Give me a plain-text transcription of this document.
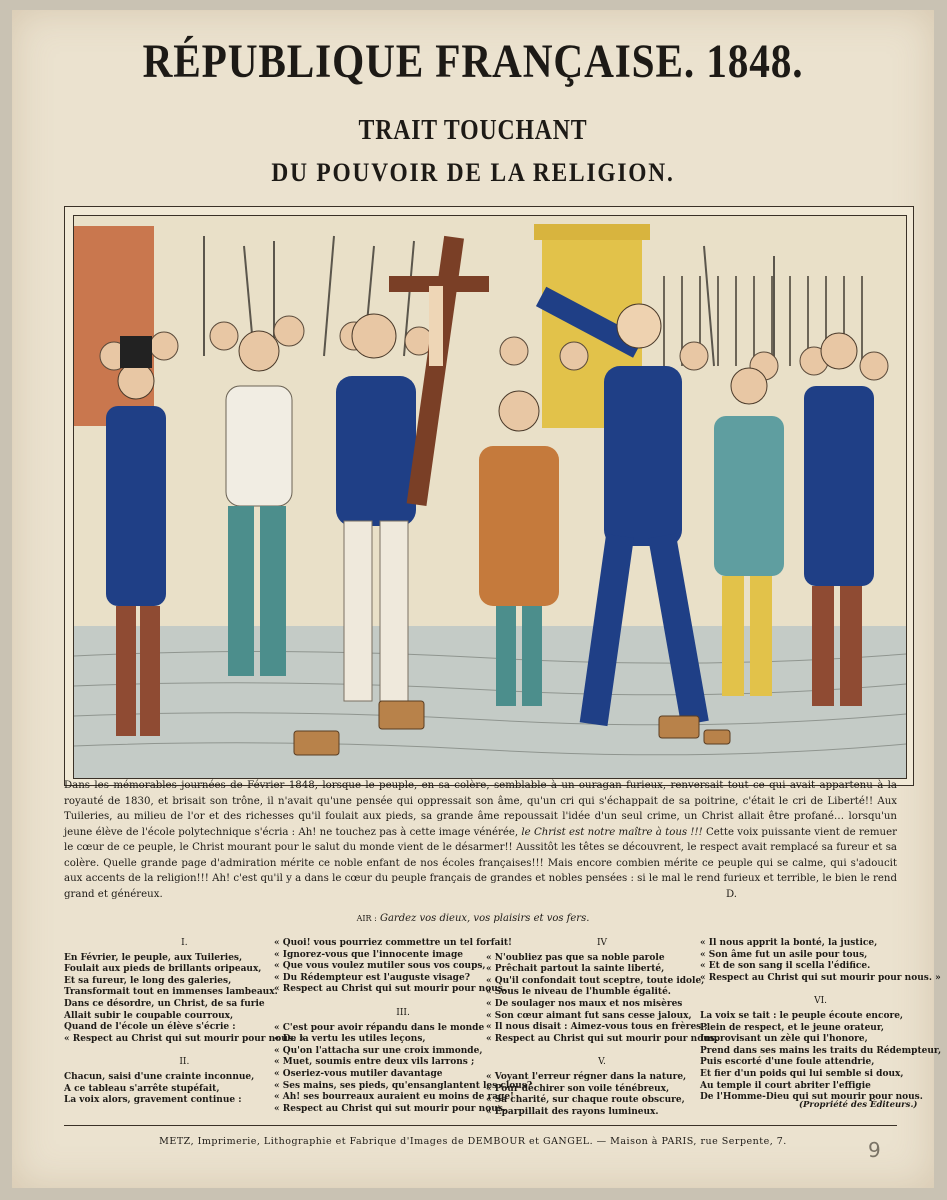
RÉPUBLIQUE FRANÇAISE. 1848.
TRAIT TOUCHANT
DU POUVOIR DE LA RELIGION.

Dans les mémorables journées de Février 1848, lorsque le peuple, en sa colère, semblable à un ouragan furieux, renversait tout ce qui avait appartenu à la royauté de 1830, et brisait son trône, il n'avait qu'une pensée qui oppressait son âme, qu'un cri qui s'échappait de sa poitrine, c'était le cri de Liberté!! Aux Tuileries, au milieu de l'or et des richesses qu'il foulait aux pieds, sa grande âme repoussait l'idée d'un seul crime, un Christ allait être profané… lorsqu'un jeune élève de l'école polytechnique s'écria : Ah! ne touchez pas à cette image vénérée, le Christ est notre maître à tous !!! Cette voix puissante vient de remuer le cœur de ce peuple, le Christ mourant pour le salut du monde vient de le désarmer!! Aussitôt les têtes se découvrent, le respect avait remplacé sa fureur et sa colère. Quelle grande page d'admiration mérite ce noble enfant de nos écoles françaises!!! Mais encore combien mérite ce peuple qui se calme, qui s'adoucit aux accents de la religion!!! Ah! c'est qu'il y a dans le cœur du peuple français de grandes et nobles pensées : si le mal le rend furieux et terrible, le bien le rend grand et généreux.	D.

AIR : Gardez vos dieux, vos plaisirs et vos fers.

I.

En Février, le peuple, aux Tuileries,

Foulait aux pieds de brillants oripeaux,

Et sa fureur, le long des galeries,

Transformait tout en immenses lambeaux.

Dans ce désordre, un Christ, de sa furie

Allait subir le coupable courroux,

Quand de l'école un élève s'écrie :

« Respect au Christ qui sut mourir pour nous. »

II.

Chacun, saisi d'une crainte inconnue,

A ce tableau s'arrête stupéfait,

La voix alors, gravement continue :

« Quoi! vous pourriez commettre un tel forfait!

« Ignorez-vous que l'innocente image

« Que vous voulez mutiler sous vos coups,

« Du Rédempteur est l'auguste visage?

« Respect au Christ qui sut mourir pour nous.

III.

« C'est pour avoir répandu dans le monde

« De la vertu les utiles leçons,

« Qu'on l'attacha sur une croix immonde,

« Muet, soumis entre deux vils larrons ;

« Oseriez-vous mutiler davantage

« Ses mains, ses pieds, qu'ensanglantent les clous?

« Ah! ses bourreaux auraient eu moins de rage!

« Respect au Christ qui sut mourir pour nous.

IV

« N'oubliez pas que sa noble parole

« Prêchait partout la sainte liberté,

« Qu'il confondait tout sceptre, toute idole,

« Sous le niveau de l'humble égalité.

« De soulager nos maux et nos misères

« Son cœur aimant fut sans cesse jaloux,

« Il nous disait : Aimez-vous tous en frères ;

« Respect au Christ qui sut mourir pour nous.

V.

« Voyant l'erreur régner dans la nature,

« Pour déchirer son voile ténébreux,

« Sa charité, sur chaque route obscure,

« Éparpillait des rayons lumineux.

« Il nous apprit la bonté, la justice,

« Son âme fut un asile pour tous,

« Et de son sang il scella l'édifice.

« Respect au Christ qui sut mourir pour nous. »

VI.

La voix se tait : le peuple écoute encore,

Plein de respect, et le jeune orateur,

Improvisant un zèle qui l'honore,

Prend dans ses mains les traits du Rédempteur,

Puis escorté d'une foule attendrie,

Et fier d'un poids qui lui semble si doux,

Au temple il court abriter l'effigie

De l'Homme-Dieu qui sut mourir pour nous.

(Propriété des Éditeurs.)
METZ, Imprimerie, Lithographie et Fabrique d'Images de DEMBOUR et GANGEL. — Maison à PARIS, rue Serpente, 7.	9
